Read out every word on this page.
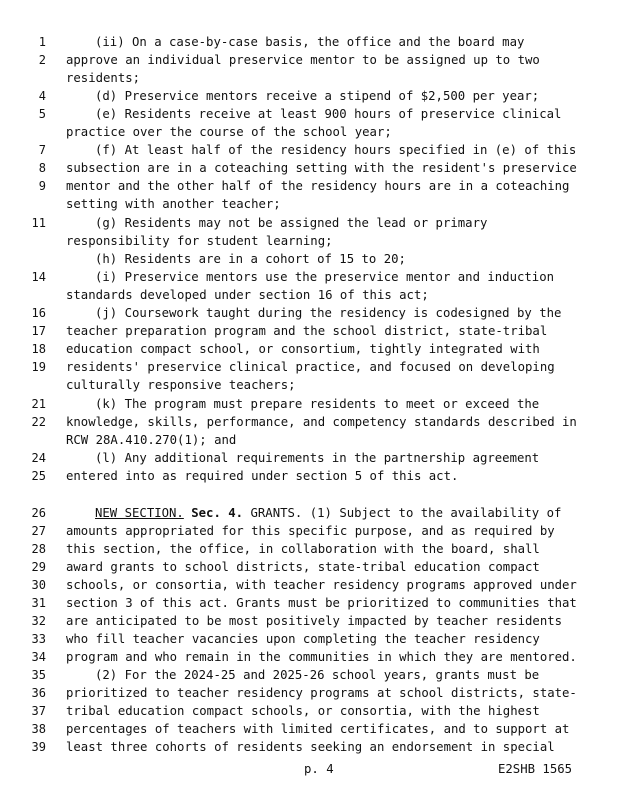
1	(ii) On a case-by-case basis, the office and the board may
2 approve an individual preservice mentor to be assigned up to two
residents;
4	(d) Preservice mentors receive a stipend of $2,500 per year;
5	(e) Residents receive at least 900 hours of preservice clinical
practice over the course of the school year;
7	(f) At least half of the residency hours specified in (e) of this
8 subsection are in a coteaching setting with the resident's preservice
9 mentor and the other half of the residency hours are in a coteaching
setting with another teacher;
11	(g) Residents may not be assigned the lead or primary
responsibility for student learning;
(h) Residents are in a cohort of 15 to 20;
14	(i) Preservice mentors use the preservice mentor and induction
standards developed under section 16 of this act;
16	(j) Coursework taught during the residency is codesigned by the
17 teacher preparation program and the school district, state-tribal
18 education compact school, or consortium, tightly integrated with
19 residents' preservice clinical practice, and focused on developing
culturally responsive teachers;
21	(k) The program must prepare residents to meet or exceed the
22 knowledge, skills, performance, and competency standards described in
RCW 28A.410.270(1); and
24	(l) Any additional requirements in the partnership agreement
25 entered into as required under section 5 of this act.
26	NEW SECTION. Sec. 4. GRANTS. (1) Subject to the availability of
27 amounts appropriated for this specific purpose, and as required by
28 this section, the office, in collaboration with the board, shall
29 award grants to school districts, state-tribal education compact
30 schools, or consortia, with teacher residency programs approved under
31 section 3 of this act. Grants must be prioritized to communities that
32 are anticipated to be most positively impacted by teacher residents
33 who fill teacher vacancies upon completing the teacher residency
34 program and who remain in the communities in which they are mentored.
35	(2) For the 2024-25 and 2025-26 school years, grants must be
36 prioritized to teacher residency programs at school districts, state-
37 tribal education compact schools, or consortia, with the highest
38 percentages of teachers with limited certificates, and to support at
39 least three cohorts of residents seeking an endorsement in special
p. 4	E2SHB 1565
